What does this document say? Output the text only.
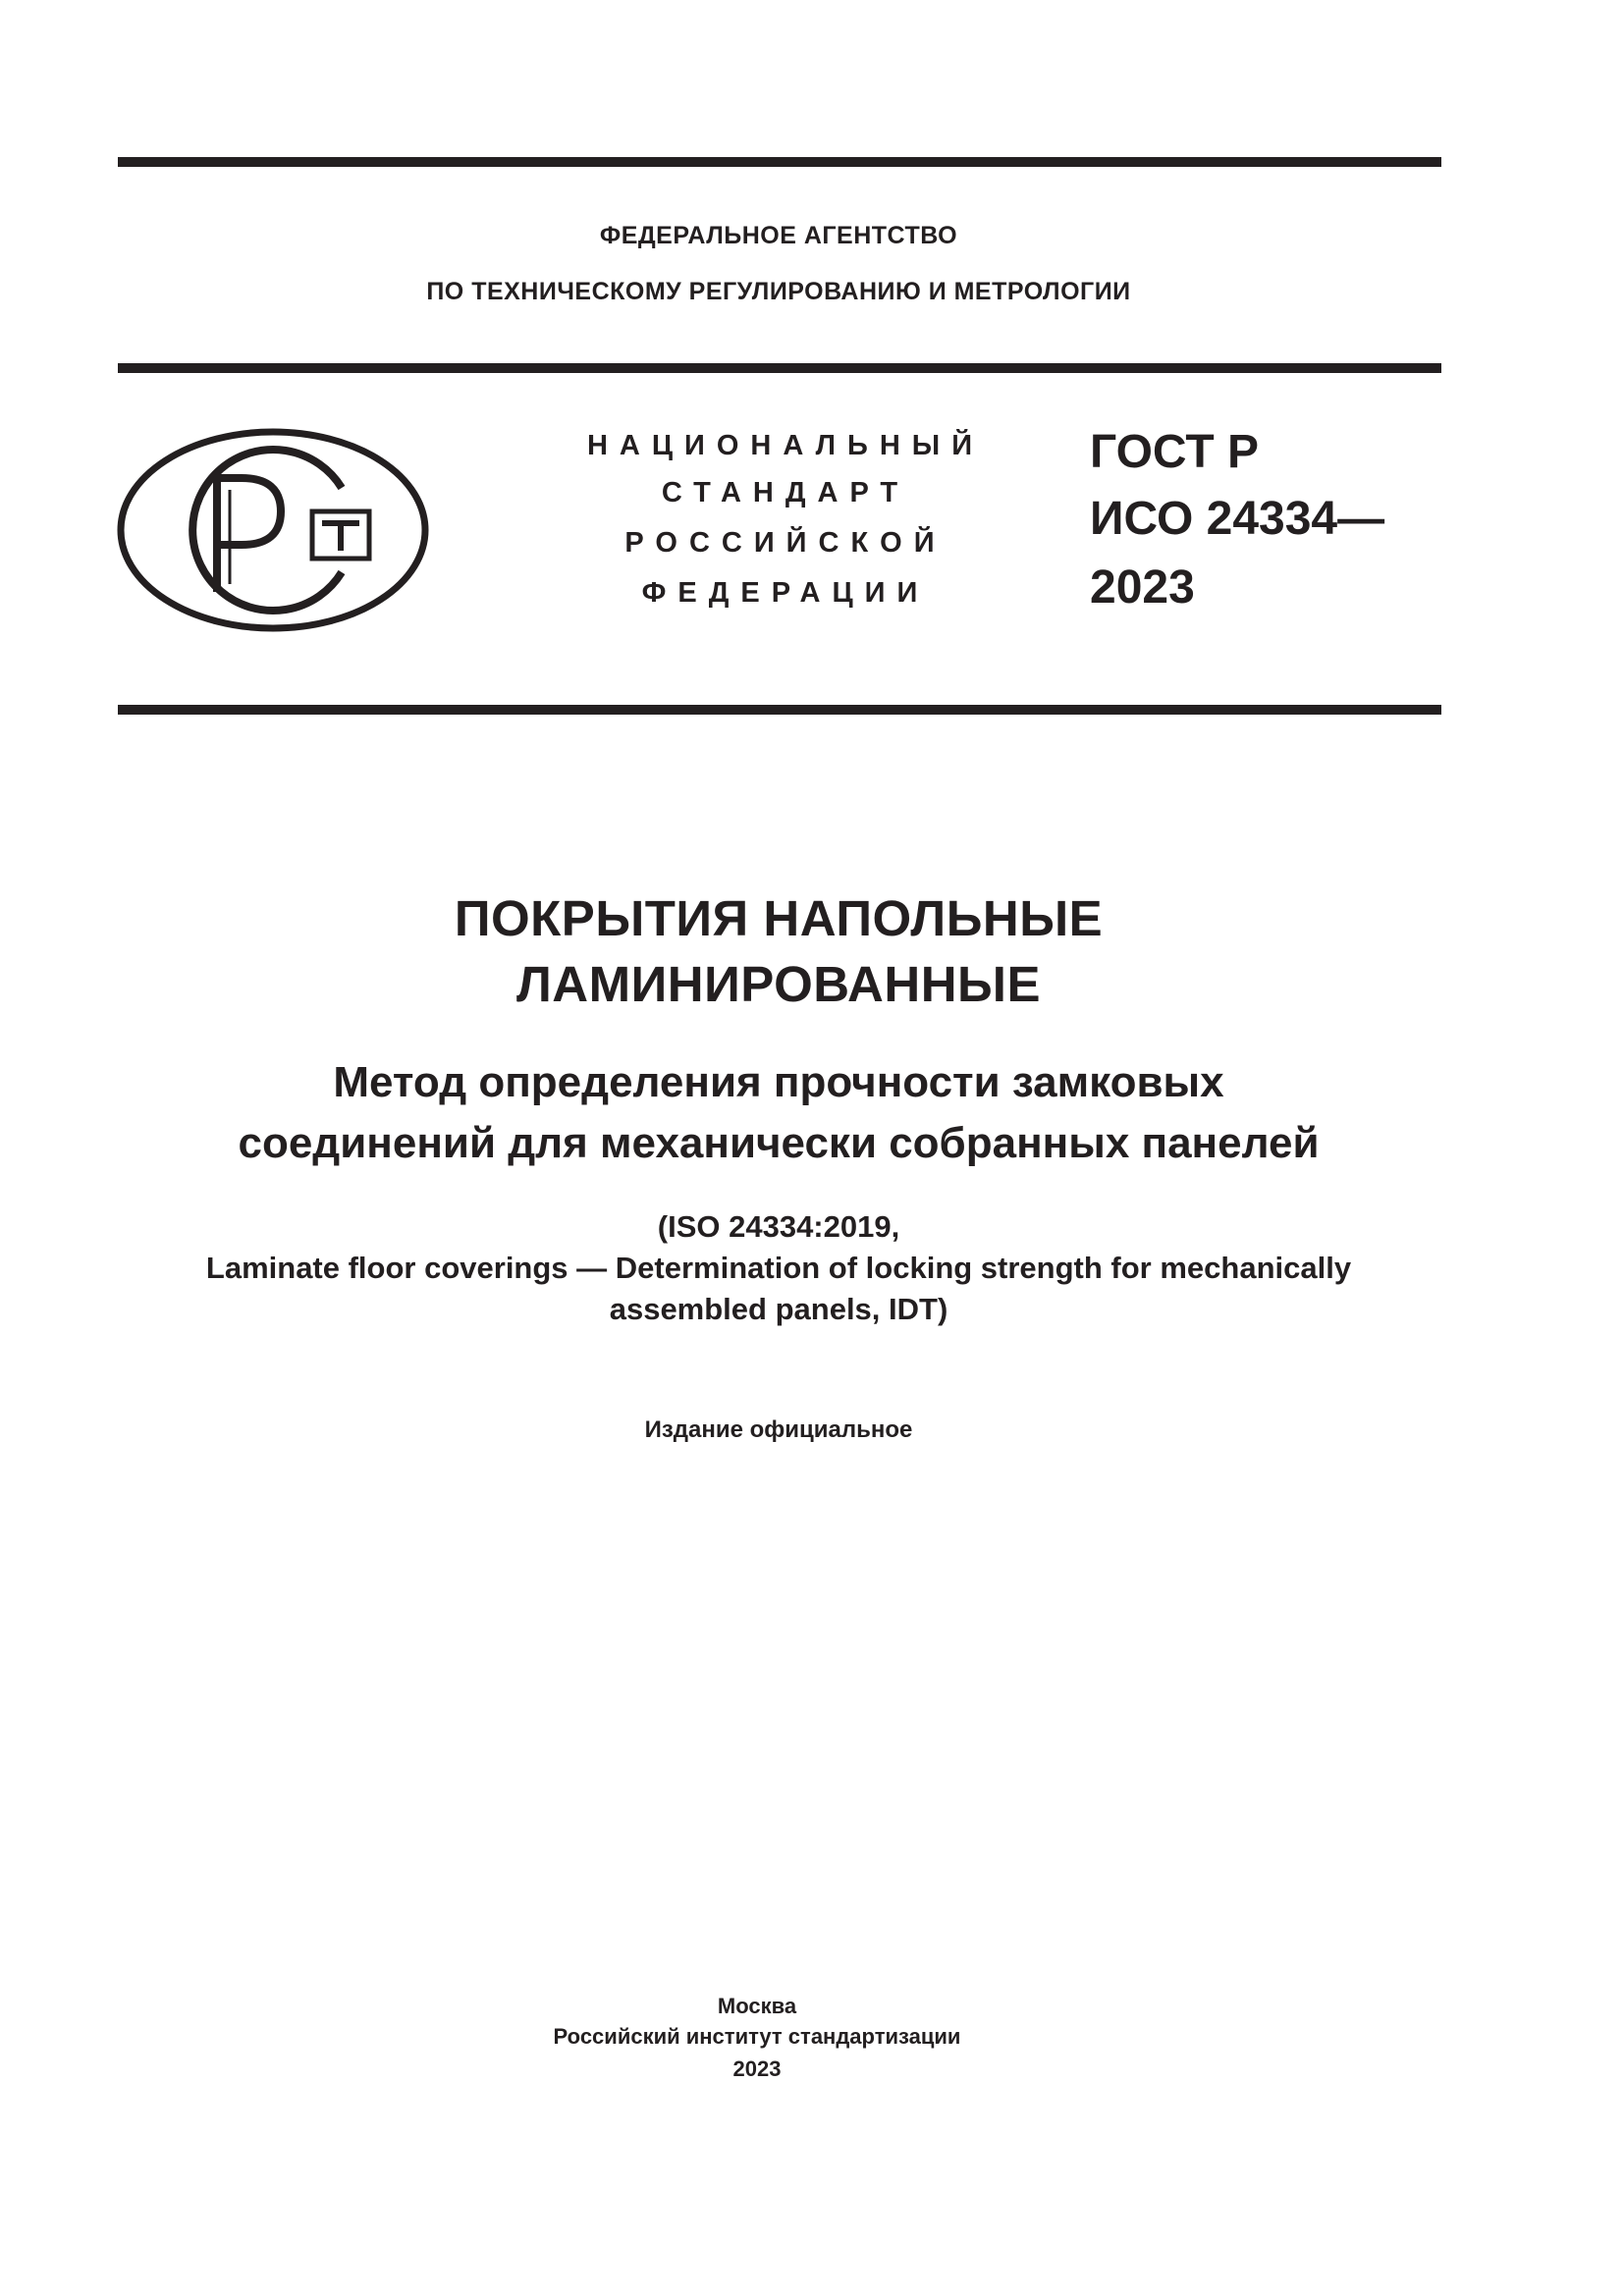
ФЕДЕРАЛЬНОЕ АГЕНТСТВО
ПО ТЕХНИЧЕСКОМУ РЕГУЛИРОВАНИЮ И МЕТРОЛОГИИ
НАЦИОНАЛЬНЫЙ
СТАНДАРТ
РОССИЙСКОЙ
ФЕДЕРАЦИИ
ГОСТ Р
ИСО 24334—
2023
ПОКРЫТИЯ НАПОЛЬНЫЕ
ЛАМИНИРОВАННЫЕ
Метод определения прочности замковых
соединений для механически собранных панелей
(ISO 24334:2019,
Laminate floor coverings — Determination of locking strength for mechanically
assembled panels, IDT)
Издание официальное
Москва
Российский институт стандартизации
2023
